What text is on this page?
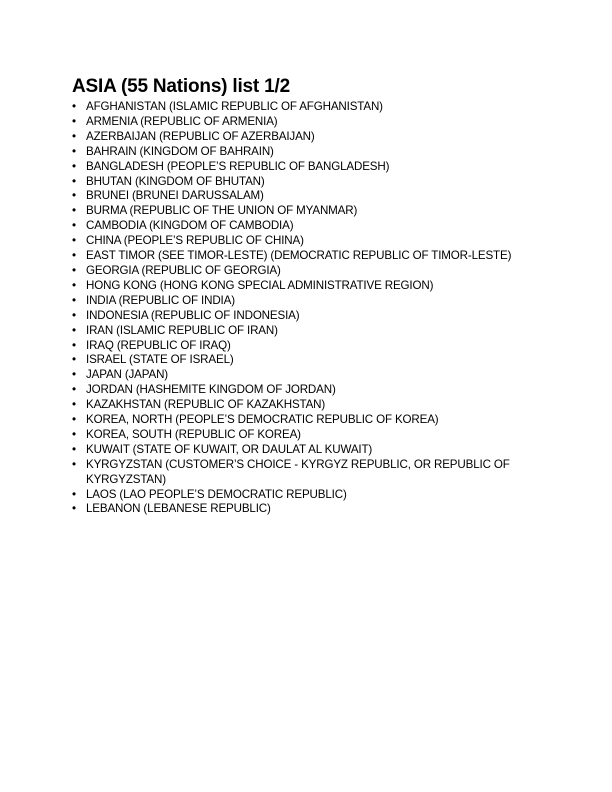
ASIA (55 Nations) list 1/2
• AFGHANISTAN (ISLAMIC REPUBLIC OF AFGHANISTAN)
• ARMENIA (REPUBLIC OF ARMENIA)
• AZERBAIJAN (REPUBLIC OF AZERBAIJAN)
• BAHRAIN (KINGDOM OF BAHRAIN)
• BANGLADESH (PEOPLE’S REPUBLIC OF BANGLADESH)
• BHUTAN (KINGDOM OF BHUTAN)
• BRUNEI (BRUNEI DARUSSALAM)
• BURMA (REPUBLIC OF THE UNION OF MYANMAR)
• CAMBODIA (KINGDOM OF CAMBODIA)
• CHINA (PEOPLE’S REPUBLIC OF CHINA)
• EAST TIMOR (SEE TIMOR-LESTE) (DEMOCRATIC REPUBLIC OF TIMOR-LESTE)
• GEORGIA (REPUBLIC OF GEORGIA)
• HONG KONG (HONG KONG SPECIAL ADMINISTRATIVE REGION)
• INDIA (REPUBLIC OF INDIA)
• INDONESIA (REPUBLIC OF INDONESIA)
• IRAN (ISLAMIC REPUBLIC OF IRAN)
• IRAQ (REPUBLIC OF IRAQ)
• ISRAEL (STATE OF ISRAEL)
• JAPAN (JAPAN)
• JORDAN (HASHEMITE KINGDOM OF JORDAN)
• KAZAKHSTAN (REPUBLIC OF KAZAKHSTAN)
• KOREA, NORTH (PEOPLE’S DEMOCRATIC REPUBLIC OF KOREA)
• KOREA, SOUTH (REPUBLIC OF KOREA)
• KUWAIT (STATE OF KUWAIT, OR DAULAT AL KUWAIT)
• KYRGYZSTAN (CUSTOMER’S CHOICE - KYRGYZ REPUBLIC, OR REPUBLIC OF KYRGYZSTAN)
• LAOS (LAO PEOPLE’S DEMOCRATIC REPUBLIC)
• LEBANON (LEBANESE REPUBLIC)
